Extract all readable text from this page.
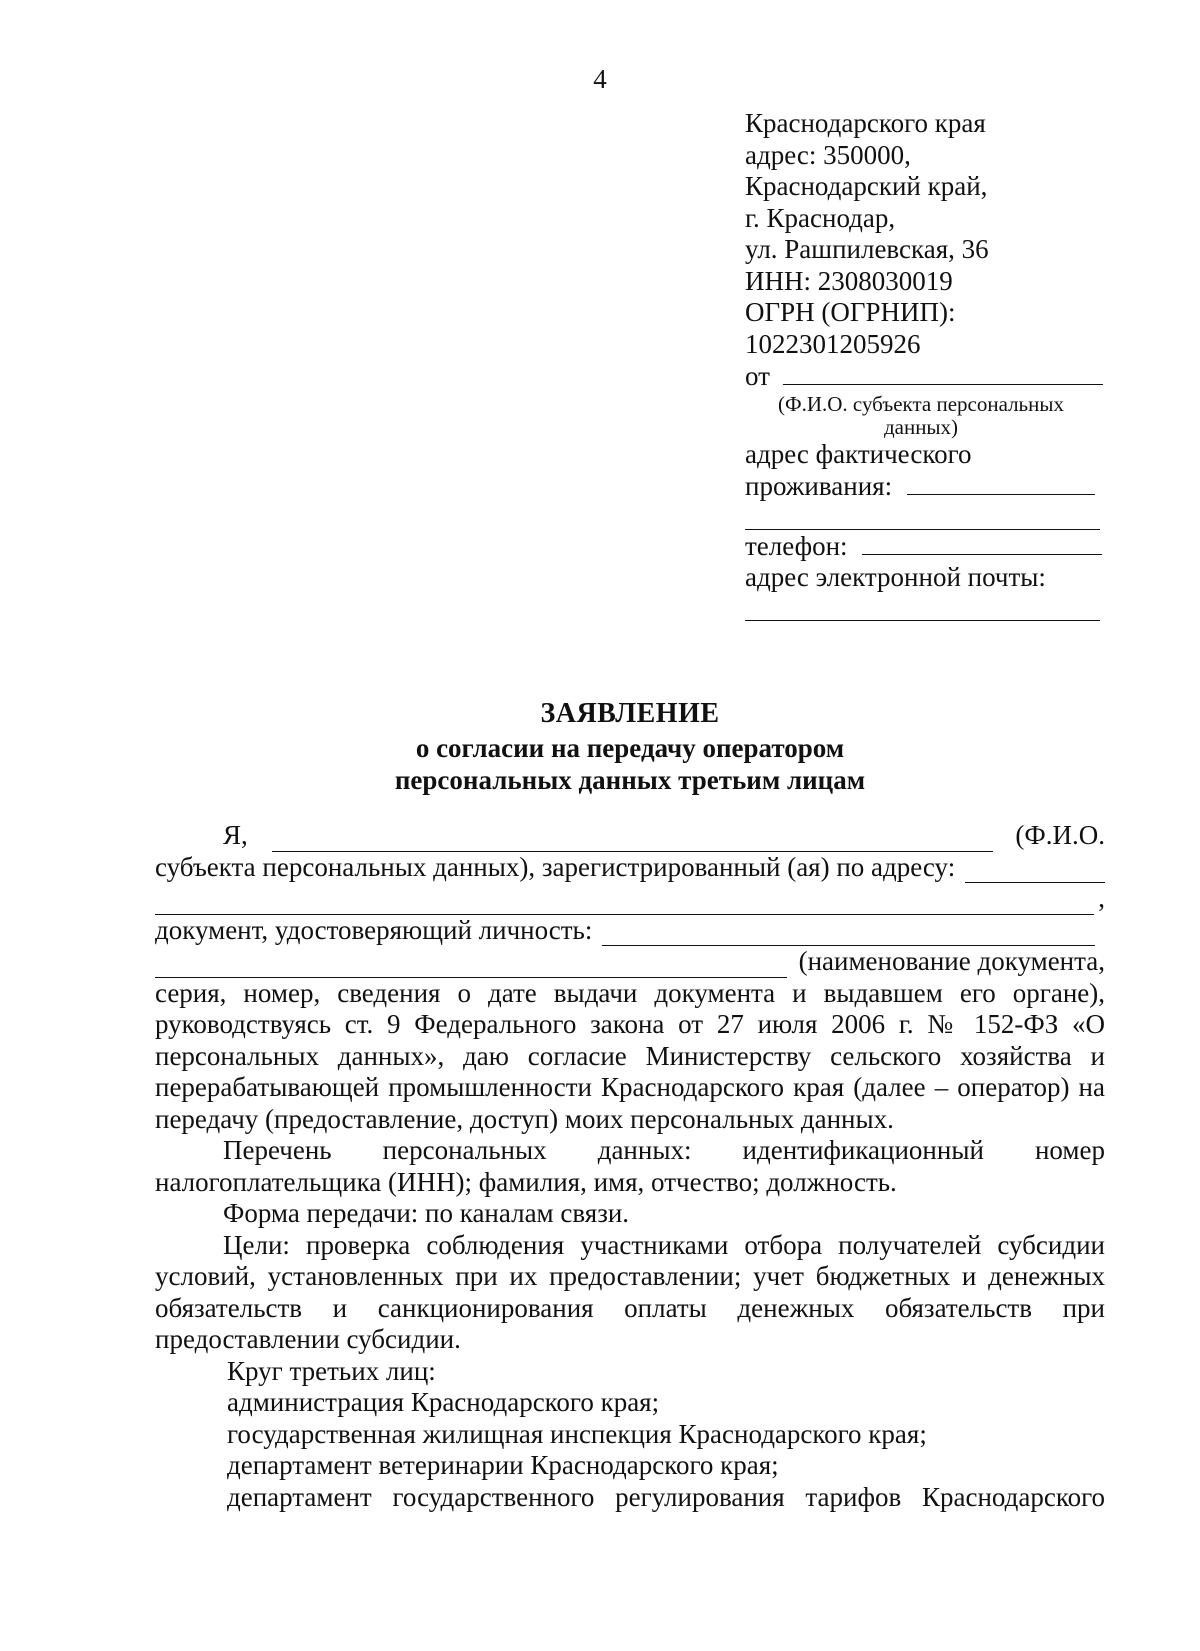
4
Краснодарского края
адрес: 350000,
Краснодарский край,
г. Краснодар,
ул. Рашпилевская, 36
ИНН: 2308030019
ОГРН (ОГРНИП):
1022301205926
от
(Ф.И.О. субъекта персональных данных)
адрес фактического
проживания:
телефон:
адрес электронной почты:
ЗАЯВЛЕНИЕ
о согласии на передачу оператором
персональных данных третьим лицам
Я,	(Ф.И.О.
субъекта персональных данных), зарегистрированный (ая) по адресу:
,
документ, удостоверяющий личность:
(наименование документа,
серия, номер, сведения о дате выдачи документа и выдавшем его органе), руководствуясь ст. 9 Федерального закона от 27 июля 2006 г. № 152-ФЗ «О персональных данных», даю согласие Министерству сельского хозяйства и перерабатывающей промышленности Краснодарского края (далее – оператор) на передачу (предоставление, доступ) моих персональных данных.
Перечень персональных данных: идентификационный номер налогоплательщика (ИНН); фамилия, имя, отчество; должность.
Форма передачи: по каналам связи.
Цели: проверка соблюдения участниками отбора получателей субсидии условий, установленных при их предоставлении; учет бюджетных и денежных обязательств и санкционирования оплаты денежных обязательств при предоставлении субсидии.
Круг третьих лиц:
администрация Краснодарского края;
государственная жилищная инспекция Краснодарского края;
департамент ветеринарии Краснодарского края;
департамент государственного регулирования тарифов Краснодарского
